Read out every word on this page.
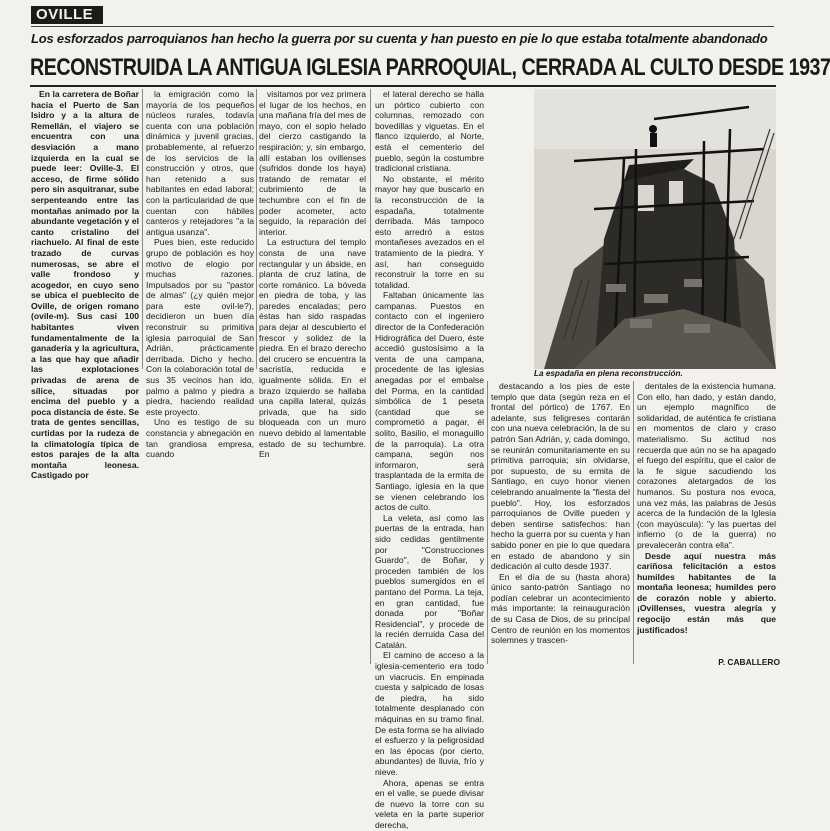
OVILLE
Los esforzados parroquianos han hecho la guerra por su cuenta y han puesto en pie lo que estaba totalmente abandonado
RECONSTRUIDA LA ANTIGUA IGLESIA PARROQUIAL, CERRADA AL CULTO DESDE 1937

En la carretera de Boñar hacia el Puerto de San Isidro y a la altura de Remellán, el viajero se encuentra con una desviación a mano izquierda en la cual se puede leer: Oville-3. El acceso, de firme sólido pero sin asquitranar, sube serpenteando entre las montañas animado por la abundante vegetación y el canto cristalino del riachuelo. Al final de este trazado de curvas numerosas, se abre el valle frondoso y acogedor, en cuyo seno se ubica el pueblecito de Oville, de origen romano (ovile-m). Sus casi 100 habitantes viven fundamentalmente de la ganadería y la agricultura, a las que hay que añadir las explotaciones privadas de arena de sílice, situadas por encima del pueblo y a poca distancia de éste. Se trata de gentes sencillas, curtidas por la rudeza de la climatología típica de estos parajes de la alta montaña leonesa. Castigado por

la emigración como la mayoría de los pequeños núcleos rurales, todavía cuenta con una población dinámica y juvenil gracias, probablemente, al refuerzo de los servicios de la construcción y otros, que han retenido a sus habitantes en edad laboral; con la particularidad de que cuentan con hábiles canteros y retejadores "a la antigua usanza".

Pues bien, este reducido grupo de población es hoy motivo de elogio por muchas razones. Impulsados por su "pastor de almas" (¿y quién mejor para este ovil-le?), decidieron un buen día reconstruir su primitiva iglesia parroquial de San Adrián, prácticamente derribada. Dicho y hecho. Con la colaboración total de sus 35 vecinos han ido, palmo a palmo y piedra a piedra, haciendo realidad este proyecto.

Uno es testigo de su constancia y abnegación en tan grandiosa empresa, cuando

visitamos por vez primera el lugar de los hechos, en una mañana fría del mes de mayo, con el soplo helado del cierzo castigando la respiración; y, sin embargo, allí estaban los ovillenses (sufridos donde los haya) tratando de rematar el cubrimiento de la techumbre con el fin de poder acometer, acto seguido, la reparación del interior.

La estructura del templo consta de una nave rectangular y un ábside, en planta de cruz latina, de corte románico. La bóveda en piedra de toba, y las paredes encaladas; pero éstas han sido raspadas para dejar al descubierto el frescor y solidez de la piedra. En el brazo derecho del crucero se encuentra la sacristía, reducida e igualmente sólida. En el brazo izquierdo se hallaba una capilla lateral, quizás privada, que ha sido bloqueada con un muro nuevo debido al lamentable estado de su techumbre. En

el lateral derecho se halla un pórtico cubierto con columnas, remozado con bovedillas y viguetas. En el flanco izquierdo, al Norte, está el cementerio del pueblo, según la costumbre tradicional cristiana.

No obstante, el mérito mayor hay que buscarlo en la reconstrucción de la espadaña, totalmente derribada. Más tampoco esto arredró a estos montañeses avezados en el tratamiento de la piedra. Y así, han conseguido reconstruir la torre en su totalidad.

Faltaban únicamente las campanas. Puestos en contacto con el ingeniero director de la Confederación Hidrográfica del Duero, éste accedió gustosísimo a la venta de una campana, procedente de las iglesias anegadas por el embalse del Porma, en la cantidad simbólica de 1 peseta (cantidad que se comprometió a pagar, él solito, Basilio, el monaguillo de la parroquia). La otra campana, según nos informaron, será trasplantada de la ermita de Santiago, iglesia en la que se vienen celebrando los actos de culto.

La veleta, así como las puertas de la entrada, han sido cedidas gentilmente por "Construcciones Guardo", de Boñar, y proceden también de los pueblos sumergidos en el pantano del Porma. La teja, en gran cantidad, fue donada por "Boñar Residencial", y procede de la recién derruida Casa del Catalán.

El camino de acceso a la iglesia-cementerio era todo un viacrucis. En empinada cuesta y salpicado de losas de piedra, ha sido totalmente desplanado con máquinas en su tramo final. De esta forma se ha aliviado el esfuerzo y la peligrosidad en las épocas (por cierto, abundantes) de lluvia, frío y nieve.

Ahora, apenas se entra en el valle, se puede divisar de nuevo la torre con su veleta en la parte superior derecha,

La espadaña en plena reconstrucción.

destacando a los pies de este templo que data (según reza en el frontal del pórtico) de 1767. En adelante, sus feligreses contarán con una nueva celebración, la de su patrón San Adrián, y, cada domingo, se reunirán comunitariamente en su primitiva parroquia; sin olvidarse, por supuesto, de su ermita de Santiago, en cuyo honor vienen celebrando anualmente la "fiesta del pueblo". Hoy, los esforzados parroquianos de Oville pueden y deben sentirse satisfechos: han hecho la guerra por su cuenta y han sabido poner en pie lo que quedara en estado de abandono y sin dedicación al culto desde 1937.

En el día de su (hasta ahora) único santo-patrón Santiago no podían celebrar un acontecimiento más importante: la reinauguración de su Casa de Dios, de su principal Centro de reunión en los momentos solemnes y trascen-

dentales de la existencia humana. Con ello, han dado, y están dando, un ejemplo magnífico de solidaridad, de auténtica fe cristiana en momentos de claro y craso materialismo. Su actitud nos recuerda que aún no se ha apagado el fuego del espíritu, que el calor de la fe sigue sacudiendo los corazones aletargados de los humanos. Su postura nos evoca, una vez más, las palabras de Jesús acerca de la fundación de la Iglesia (con mayúscula): "y las puertas del infierno (o de la guerra) no prevalecerán contra ella".

Desde aquí nuestra más cariñosa felicitación a estos humildes habitantes de la montaña leonesa; humildes pero de corazón noble y abierto. ¡Ovillenses, vuestra alegría y regocijo están más que justificados!

P. CABALLERO
